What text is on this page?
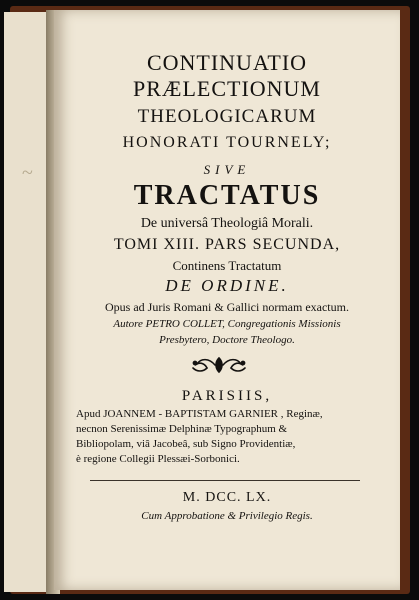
~
CONTINUATIO
PRÆLECTIONUM
THEOLOGICARUM
HONORATI TOURNELY;
SIVE
TRACTATUS
De universâ Theologiâ Morali.
TOMI XIII. PARS SECUNDA,
Continens Tractatum
DE ORDINE.
Opus ad Juris Romani & Gallici normam exactum.
Autore PETRO COLLET, Congregationis Missionis
Presbytero, Doctore Theologo.
PARISIIS,
Apud JOANNEM - BAPTISTAM GARNIER , Reginæ,
necnon Serenissimæ Delphinæ Typographum &
Bibliopolam, viâ Jacobeâ, sub Signo Providentiæ,
è regione Collegii Plessæi-Sorbonici.
M. DCC. LX.
Cum Approbatione & Privilegio Regis.
